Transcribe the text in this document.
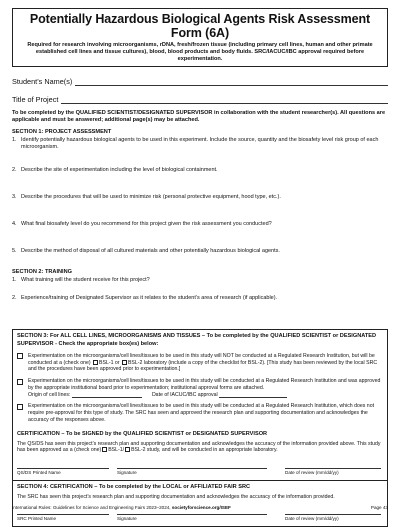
Potentially Hazardous Biological Agents Risk Assessment Form (6A)

Required for research involving microorganisms, rDNA, fresh/frozen tissue (including primary cell lines, human and other primate established cell lines and tissue cultures), blood, blood products and body fluids. SRC/IACUC/IBC approval required before experimentation.

Student’s Name(s)
Title of Project
To be completed by the QUALIFIED SCIENTIST/DESIGNATED SUPERVISOR in collaboration with the student researcher(s). All questions are applicable and must be answered; additional page(s) may be attached.
SECTION 1: PROJECT ASSESSMENT
1. Identify potentially hazardous biological agents to be used in this experiment. Include the source, quantity and the biosafety level risk group of each microorganism.
2. Describe the site of experimentation including the level of biological containment.
3. Describe the procedures that will be used to minimize risk (personal protective equipment, hood type, etc.).
4. What final biosafety level do you recommend for this project given the risk assessment you conducted?
5. Describe the method of disposal of all cultured materials and other potentially hazardous biological agents.
SECTION 2: TRAINING
1. What training will the student receive for this project?
2. Experience/training of Designated Supervisor as it relates to the student’s area of research (if applicable).
SECTION 3: For ALL CELL LINES, MICROORGANISMS AND TISSUES – To be completed by the QUALIFIED SCIENTIST or DESIGNATED SUPERVISOR - Check the appropriate box(es) below:
Experimentation on the microorganisms/cell lines/tissues to be used in this study will NOT be conducted at a Regulated Research Institution, but will be conducted at a (check one) BSL-1 or BSL-2 laboratory (include a copy of the checklist for BSL-2). [This study has been reviewed by the local SRC and the procedures have been approved prior to experimentation.]
Experimentation on the microorganisms/cell lines/tissues to be used in this study will be conducted at a Regulated Research Institution and was approved by the appropriate institutional board prior to experimentation; institutional approval forms are attached.
Origin of cell lines:	Date of IACUC/IBC approval
Experimentation on the microorganisms/cell lines/tissues to be used in this study will be conducted at a Regulated Research Institution, which does not require pre-approval for this type of study. The SRC has seen and approved the research plan and supporting documentation and acknowledges the accuracy of the responses above.
CERTIFICATION – To be SIGNED by the QUALIFIED SCIENTIST or DESIGNATED SUPERVISOR
The QS/DS has seen this project’s research plan and supporting documentation and acknowledges the accuracy of the information provided above. This study has been approved as a (check one) BSL-1/ BSL-2 study, and will be conducted in an appropriate laboratory.
QS/DS Printed Name	Signature	Date of review (mm/dd/yy)
SECTION 4: CERTIFICATION – To be completed by the LOCAL or AFFILIATED FAIR SRC
The SRC has seen this project’s research plan and supporting documentation and acknowledges the accuracy of the information provided.
SRC Printed Name	Signature	Date of review (mm/dd/yy)
International Rules: Guidelines for Science and Engineering Fairs 2023–2024, societyforscience.org/ISEF	Page 43
